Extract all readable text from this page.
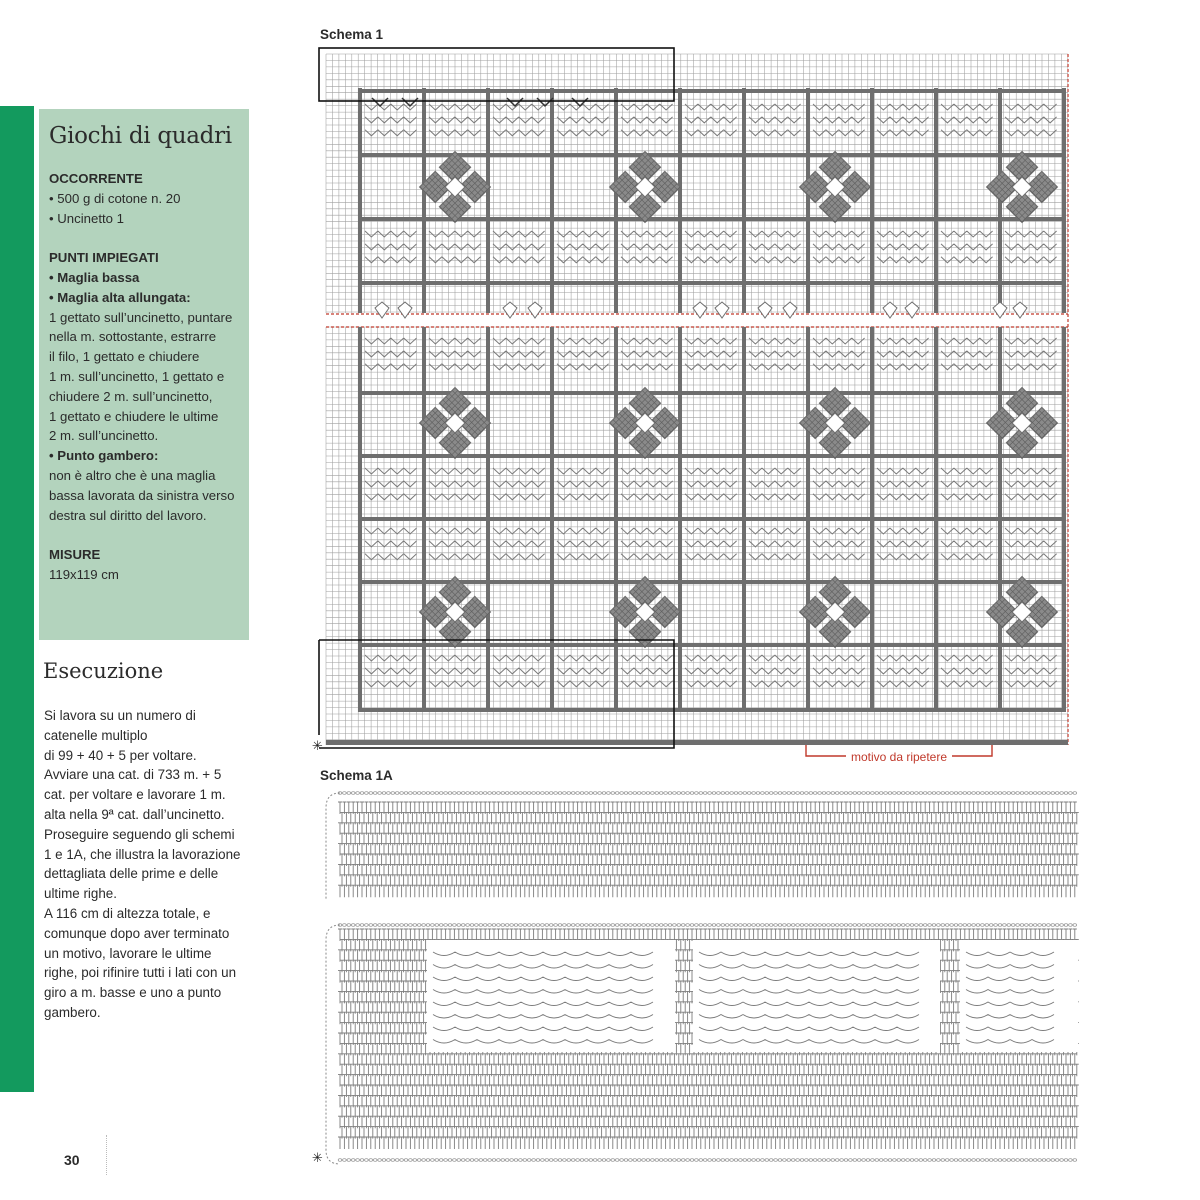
Giochi di quadri

OCCORRENTE

• 500 g di cotone n. 20

• Uncinetto 1

PUNTI IMPIEGATI

• Maglia bassa

• Maglia alta allungata:

1 gettato sull’uncinetto, puntare

nella m. sottostante, estrarre

il filo, 1 gettato e chiudere

1 m. sull’uncinetto, 1 gettato e

chiudere 2 m. sull’uncinetto,

1 gettato e chiudere le ultime

2 m. sull’uncinetto.

• Punto gambero:

non è altro che è una maglia

bassa lavorata da sinistra verso

destra sul diritto del lavoro.

MISURE

119x119 cm

Esecuzione

Si lavora su un numero di

catenelle multiplo

di 99 + 40 + 5 per voltare.

Avviare una cat. di 733 m. + 5

cat. per voltare e lavorare 1 m.

alta nella 9ª cat. dall’uncinetto.

Proseguire seguendo gli schemi

1 e 1A, che illustra la lavorazione

dettagliata delle prime e delle

ultime righe.

A 116 cm di altezza totale, e

comunque dopo aver terminato

un motivo, lavorare le ultime

righe, poi rifinire tutti i lati con un

giro a m. basse e uno a punto

gambero.

30

Schema 1

Schema 1A

✳
motivo da ripetere
✳
